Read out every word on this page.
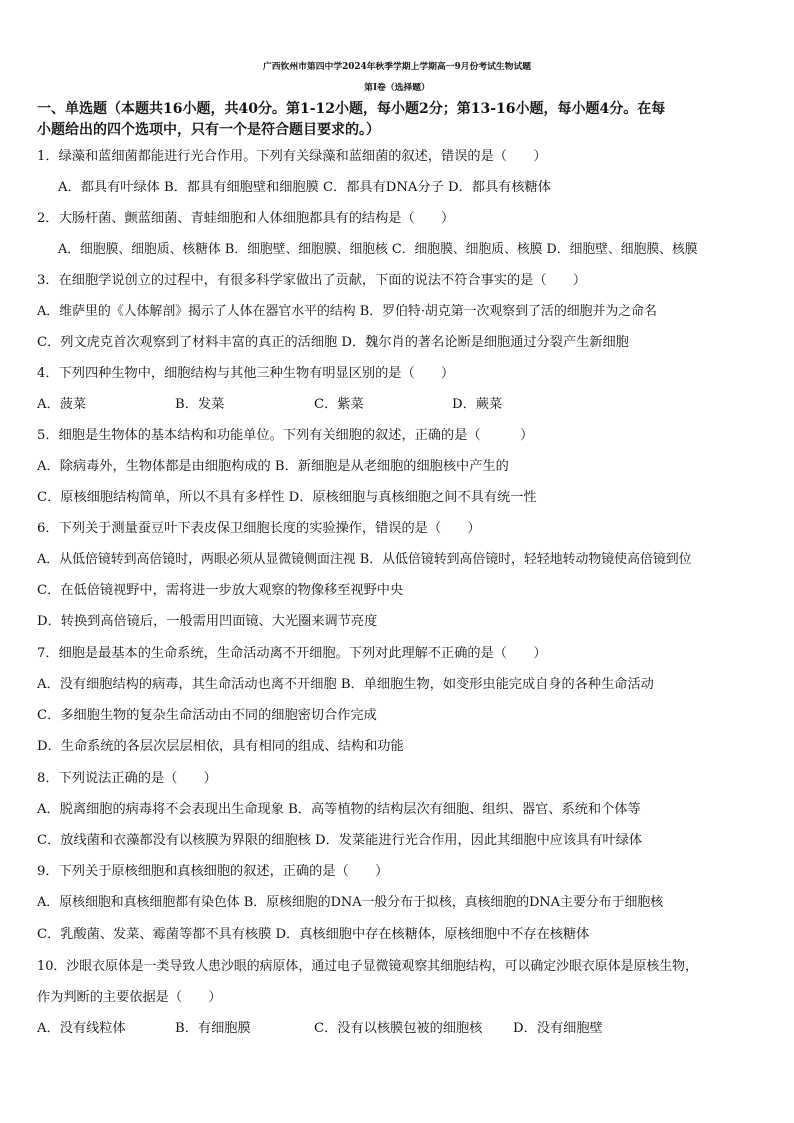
广西钦州市第四中学2024年秋季学期上学期高一9月份考试生物试题
第Ⅰ卷（选择题）
一、单选题（本题共16小题，共40分。第1-12小题，每小题2分；第13-16小题，每小题4分。在每
小题给出的四个选项中，只有一个是符合题目要求的。）
1．绿藻和蓝细菌都能进行光合作用。下列有关绿藻和蓝细菌的叙述，错误的是（　　）
A．都具有叶绿体 B．都具有细胞壁和细胞膜 C．都具有DNA分子 D．都具有核糖体
2．大肠杆菌、颤蓝细菌、青蛙细胞和人体细胞都具有的结构是（　　）
A．细胞膜、细胞质、核糖体 B．细胞壁、细胞膜、细胞核 C．细胞膜、细胞质、核膜 D．细胞壁、细胞膜、核膜
3．在细胞学说创立的过程中，有很多科学家做出了贡献，下面的说法不符合事实的是（　　）
A．维萨里的《人体解剖》揭示了人体在器官水平的结构 B．罗伯特·胡克第一次观察到了活的细胞并为之命名
C．列文虎克首次观察到了材料丰富的真正的活细胞 D．魏尔肖的著名论断是细胞通过分裂产生新细胞
4．下列四种生物中，细胞结构与其他三种生物有明显区别的是（　　）
A．菠菜	B．发菜	C．紫菜	D．蕨菜
5．细胞是生物体的基本结构和功能单位。下列有关细胞的叙述，正确的是（　　　）
A．除病毒外，生物体都是由细胞构成的 B．新细胞是从老细胞的细胞核中产生的
C．原核细胞结构简单，所以不具有多样性 D．原核细胞与真核细胞之间不具有统一性
6．下列关于测量蚕豆叶下表皮保卫细胞长度的实验操作，错误的是（　　）
A．从低倍镜转到高倍镜时，两眼必须从显微镜侧面注视 B．从低倍镜转到高倍镜时，轻轻地转动物镜使高倍镜到位
C．在低倍镜视野中，需将进一步放大观察的物像移至视野中央
D．转换到高倍镜后，一般需用凹面镜、大光圈来调节亮度
7．细胞是最基本的生命系统，生命活动离不开细胞。下列对此理解不正确的是（　　）
A．没有细胞结构的病毒，其生命活动也离不开细胞 B．单细胞生物，如变形虫能完成自身的各种生命活动
C．多细胞生物的复杂生命活动由不同的细胞密切合作完成
D．生命系统的各层次层层相依，具有相同的组成、结构和功能
8．下列说法正确的是（　　）
A．脱离细胞的病毒将不会表现出生命现象 B．高等植物的结构层次有细胞、组织、器官、系统和个体等
C．放线菌和衣藻都没有以核膜为界限的细胞核 D．发菜能进行光合作用，因此其细胞中应该具有叶绿体
9．下列关于原核细胞和真核细胞的叙述，正确的是（　　）
A．原核细胞和真核细胞都有染色体 B．原核细胞的DNA一般分布于拟核，真核细胞的DNA主要分布于细胞核
C．乳酸菌、发菜、霉菌等都不具有核膜 D．真核细胞中存在核糖体，原核细胞中不存在核糖体
10．沙眼衣原体是一类导致人患沙眼的病原体，通过电子显微镜观察其细胞结构，可以确定沙眼衣原体是原核生物，
作为判断的主要依据是（　　）
A．没有线粒体	B．有细胞膜	C．没有以核膜包被的细胞核 D．没有细胞壁
